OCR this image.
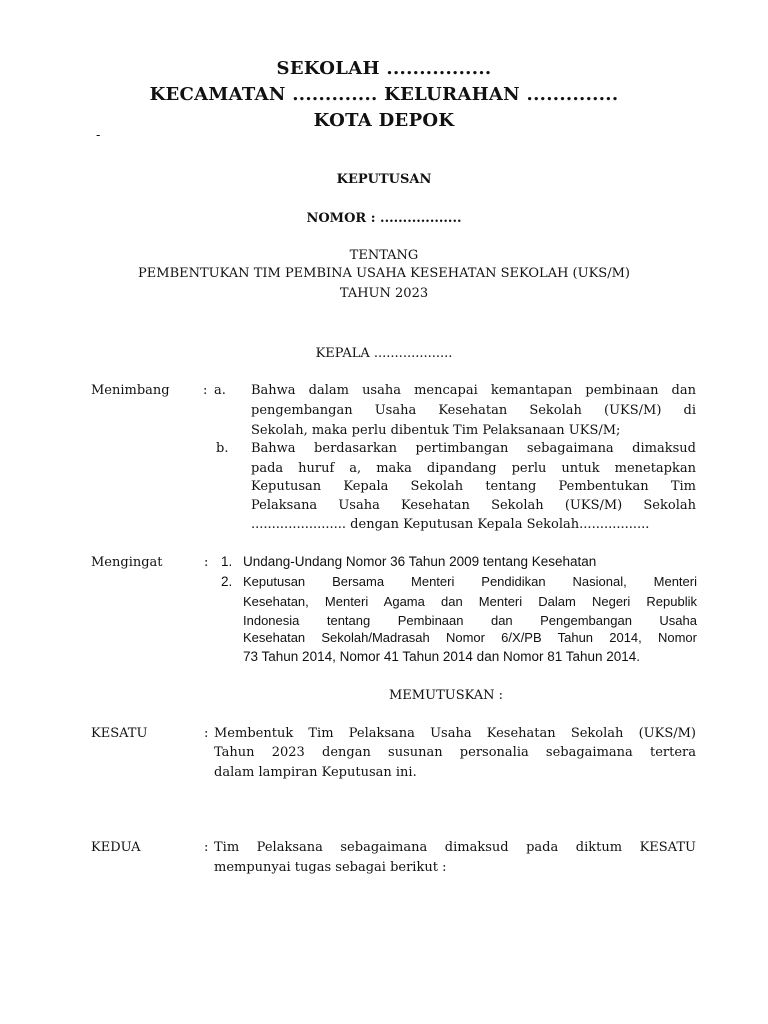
SEKOLAH ................
KECAMATAN ............. KELURAHAN ..............
KOTA DEPOK
-
KEPUTUSAN
NOMOR : ..................
TENTANG
PEMBENTUKAN TIM PEMBINA USAHA KESEHATAN SEKOLAH (UKS/M)
TAHUN 2023
KEPALA ...................
Menimbang	: a. Bahwa dalam usaha mencapai kemantapan pembinaan dan
pengembangan Usaha Kesehatan Sekolah (UKS/M) di
Sekolah, maka perlu dibentuk Tim Pelaksanaan UKS/M;
b. Bahwa berdasarkan pertimbangan sebagaimana dimaksud
pada huruf a, maka dipandang perlu untuk menetapkan
Keputusan Kepala Sekolah tentang Pembentukan Tim
Pelaksana Usaha Kesehatan Sekolah (UKS/M) Sekolah
....................... dengan Keputusan Kepala Sekolah.................
Mengingat	: 1. Undang-Undang Nomor 36 Tahun 2009 tentang Kesehatan
2. Keputusan Bersama Menteri Pendidikan Nasional, Menteri
Kesehatan, Menteri Agama dan Menteri Dalam Negeri Republik
Indonesia tentang Pembinaan dan Pengembangan Usaha
Kesehatan Sekolah/Madrasah Nomor 6/X/PB Tahun 2014, Nomor
73 Tahun 2014, Nomor 41 Tahun 2014 dan Nomor 81 Tahun 2014.
MEMUTUSKAN :
KESATU	: Membentuk Tim Pelaksana Usaha Kesehatan Sekolah (UKS/M)
Tahun 2023 dengan susunan personalia sebagaimana tertera
dalam lampiran Keputusan ini.
KEDUA	: Tim Pelaksana sebagaimana dimaksud pada diktum KESATU
mempunyai tugas sebagai berikut :
